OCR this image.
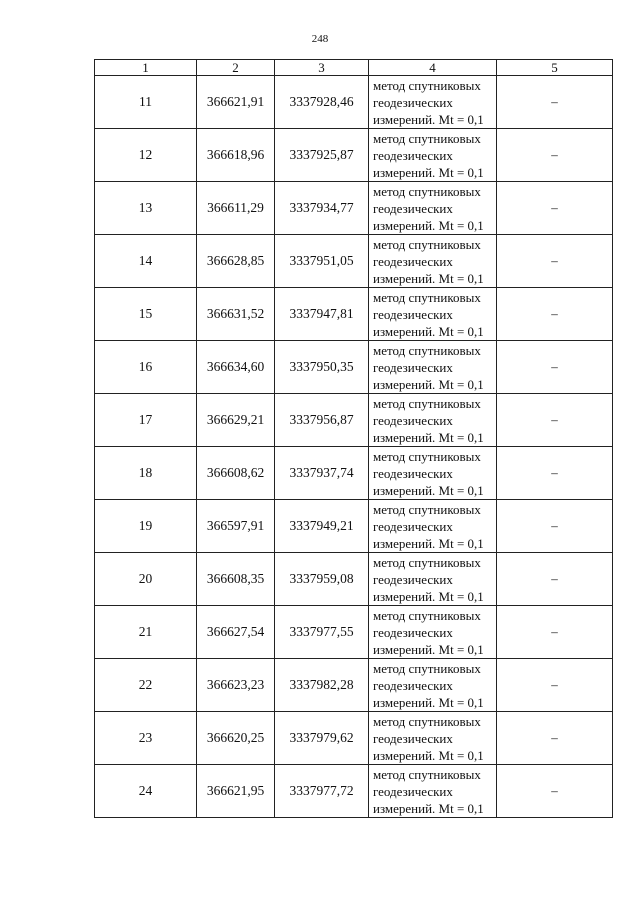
248
1	2	3	4	5
11	366621,91	3337928,46	метод спутниковых
геодезических
измерений. Mt = 0,1	–
12	366618,96	3337925,87	метод спутниковых
геодезических
измерений. Mt = 0,1	–
13	366611,29	3337934,77	метод спутниковых
геодезических
измерений. Mt = 0,1	–
14	366628,85	3337951,05	метод спутниковых
геодезических
измерений. Mt = 0,1	–
15	366631,52	3337947,81	метод спутниковых
геодезических
измерений. Mt = 0,1	–
16	366634,60	3337950,35	метод спутниковых
геодезических
измерений. Mt = 0,1	–
17	366629,21	3337956,87	метод спутниковых
геодезических
измерений. Mt = 0,1	–
18	366608,62	3337937,74	метод спутниковых
геодезических
измерений. Mt = 0,1	–
19	366597,91	3337949,21	метод спутниковых
геодезических
измерений. Mt = 0,1	–
20	366608,35	3337959,08	метод спутниковых
геодезических
измерений. Mt = 0,1	–
21	366627,54	3337977,55	метод спутниковых
геодезических
измерений. Mt = 0,1	–
22	366623,23	3337982,28	метод спутниковых
геодезических
измерений. Mt = 0,1	–
23	366620,25	3337979,62	метод спутниковых
геодезических
измерений. Mt = 0,1	–
24	366621,95	3337977,72	метод спутниковых
геодезических
измерений. Mt = 0,1	–
